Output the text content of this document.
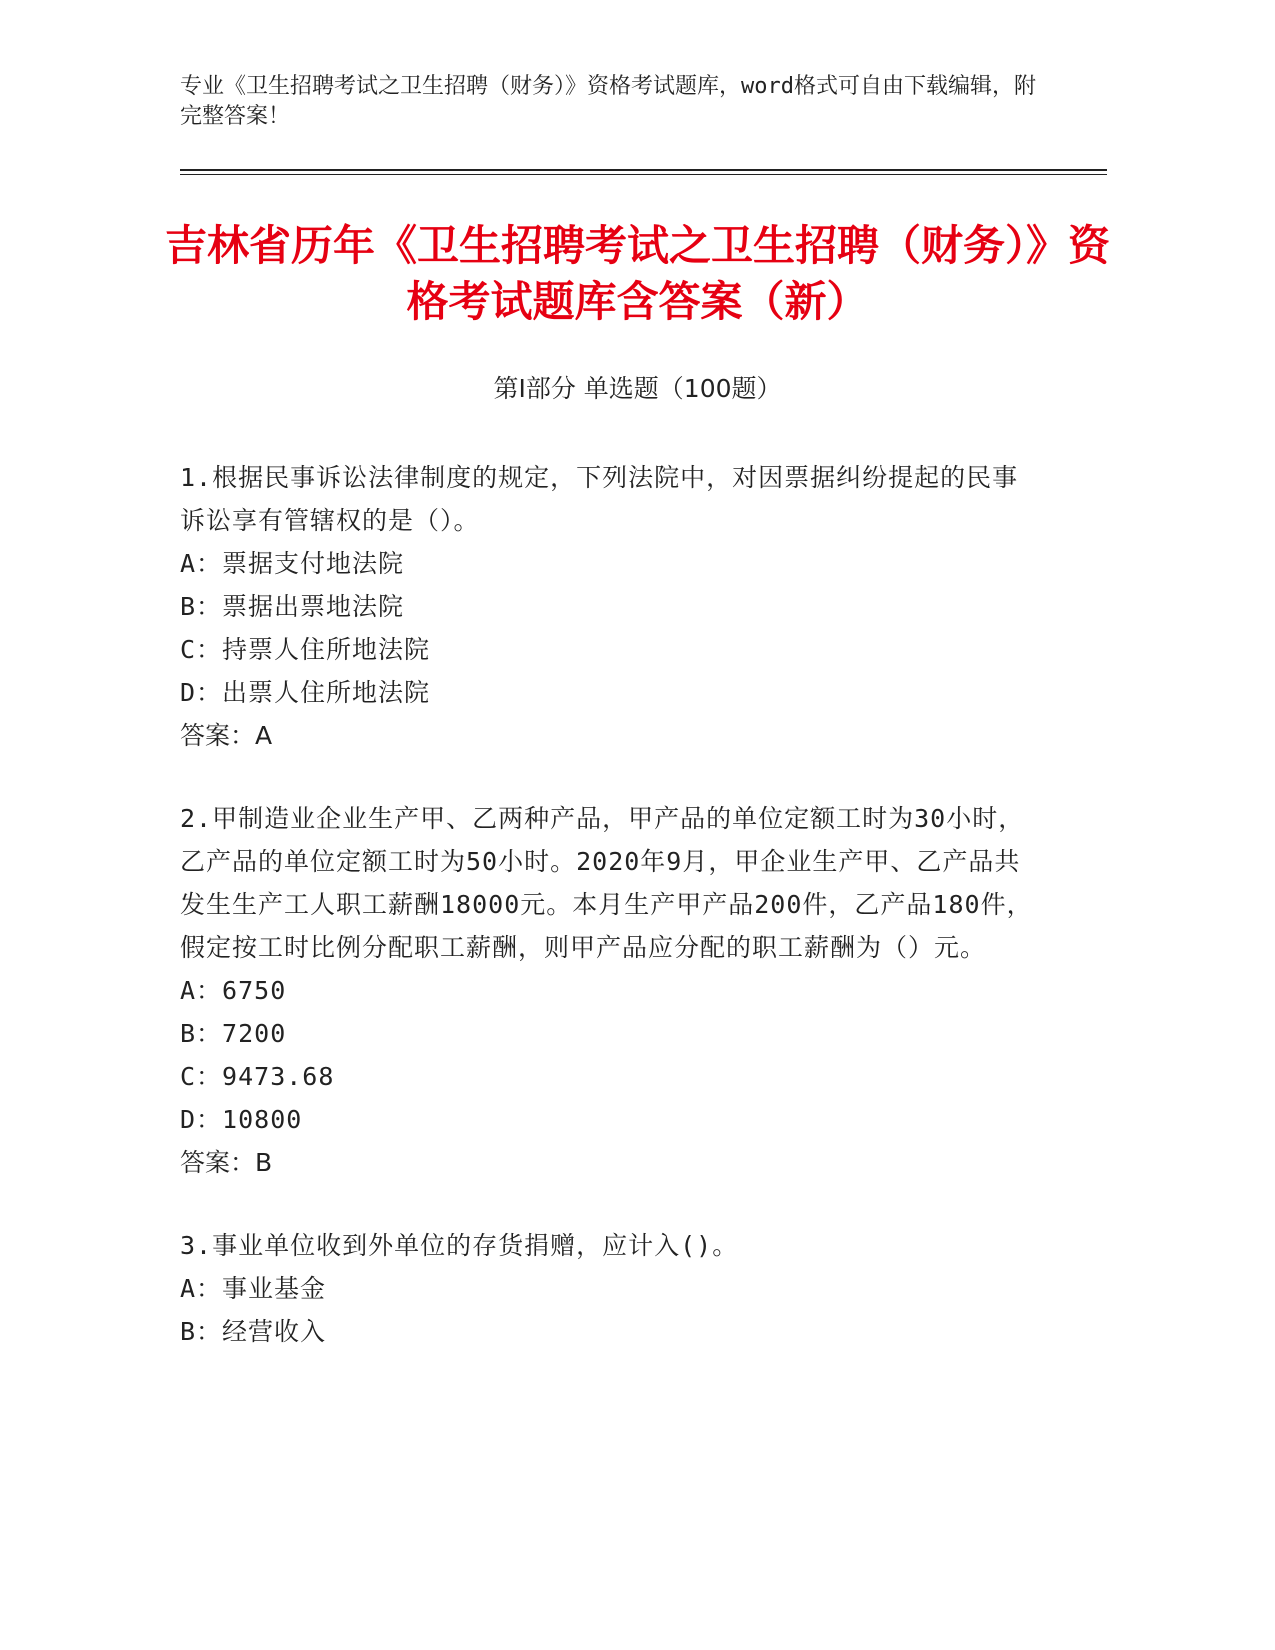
专业《卫生招聘考试之卫生招聘（财务）》资格考试题库，word格式可自由下载编辑，附完整答案！
吉林省历年《卫生招聘考试之卫生招聘（财务）》资格考试题库含答案（新）
第Ⅰ部分 单选题（100题）
1.根据民事诉讼法律制度的规定，下列法院中，对因票据纠纷提起的民事诉讼享有管辖权的是（）。
A：票据支付地法院
B：票据出票地法院
C：持票人住所地法院
D：出票人住所地法院
答案：A
2.甲制造业企业生产甲、乙两种产品，甲产品的单位定额工时为30小时，乙产品的单位定额工时为50小时。2020年9月，甲企业生产甲、乙产品共发生生产工人职工薪酬18000元。本月生产甲产品200件，乙产品180件，假定按工时比例分配职工薪酬，则甲产品应分配的职工薪酬为（）元。
A：6750
B：7200
C：9473.68
D：10800
答案：B
3.事业单位收到外单位的存货捐赠，应计入()。
A：事业基金
B：经营收入
